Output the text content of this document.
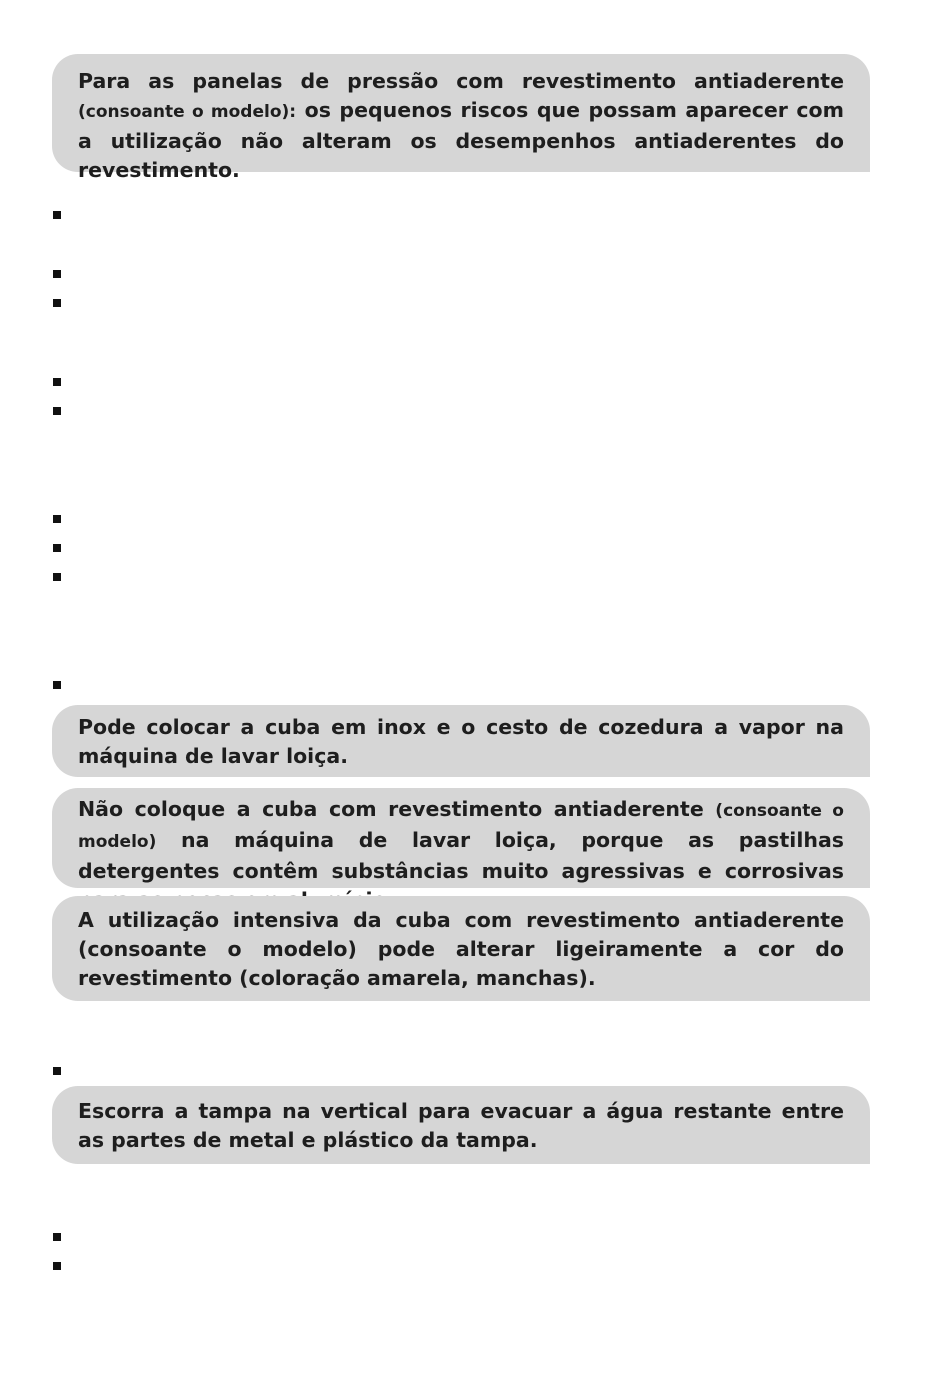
Para as panelas de pressão com revestimento antiaderente (consoante o modelo): os pequenos riscos que possam aparecer com a utilização não alteram os desempenhos antiaderentes do revestimento.
Pode colocar a cuba em inox e o cesto de cozedura a vapor na máquina de lavar loiça.
Não coloque a cuba com revestimento antiaderente (consoante o modelo) na máquina de lavar loiça, porque as pastilhas detergentes contêm substâncias muito agressivas e corrosivas
A utilização intensiva da cuba com revestimento antiaderente (consoante o modelo) pode alterar ligeiramente a cor do revestimento (coloração amarela, manchas).
Escorra a tampa na vertical para evacuar a água restante entre as partes de metal e plástico da tampa.
